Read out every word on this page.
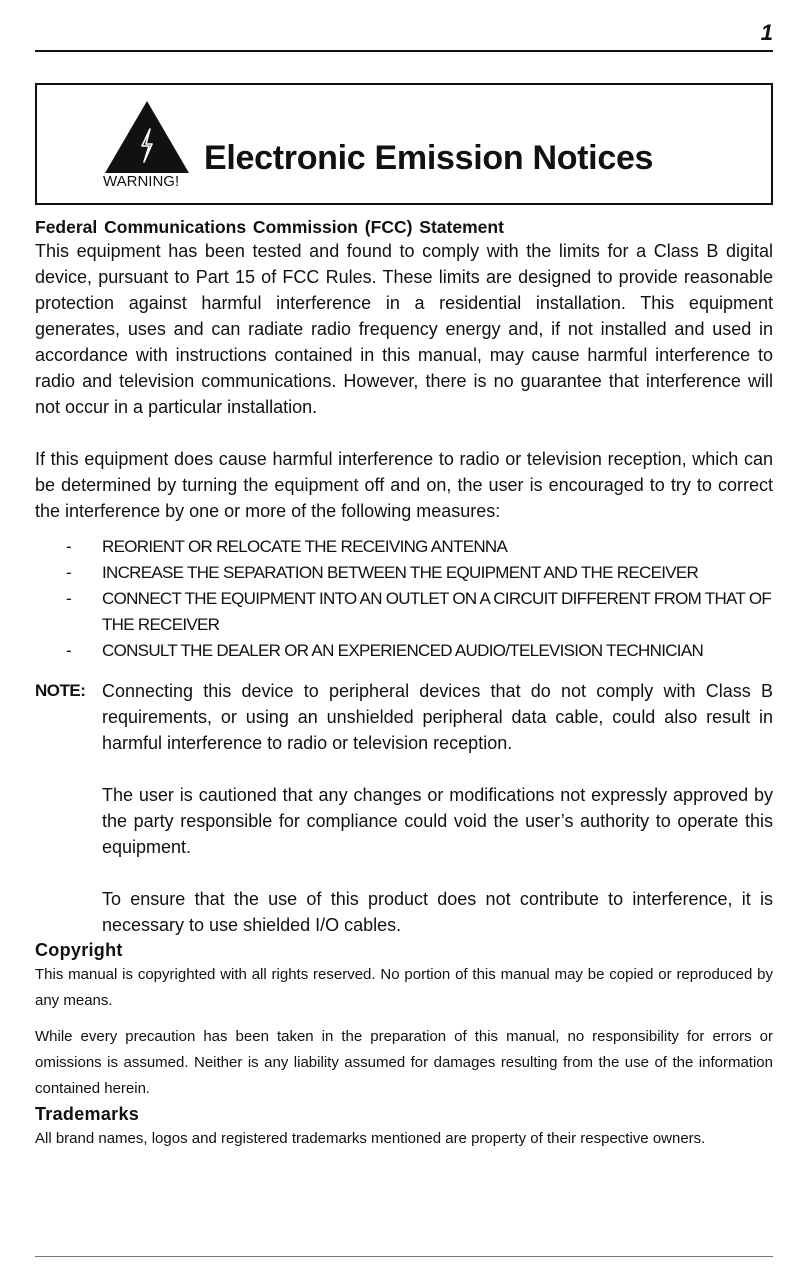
1
WARNING!
Electronic Emission Notices

Federal Communications Commission (FCC) Statement

This equipment has been tested and found to comply with the limits for a Class B digital device, pursuant to Part 15 of FCC Rules. These limits are designed to provide reasonable protection against harmful interference in a residential installation. This equipment generates, uses and can radiate radio frequency energy and, if not installed and used in accordance with instructions contained in this manual, may cause harmful interference to radio and television communications. However, there is no guarantee that interference will not occur in a particular installation.

If this equipment does cause harmful interference to radio or television reception, which can be determined by turning the equipment off and on, the user is encouraged to try to correct the interference by one or more of the following measures:

- REORIENT OR RELOCATE THE RECEIVING ANTENNA
- INCREASE THE SEPARATION BETWEEN THE EQUIPMENT AND THE RECEIVER
- CONNECT THE EQUIPMENT INTO AN OUTLET ON A CIRCUIT DIFFERENT FROM THAT OF THE RECEIVER
- CONSULT THE DEALER OR AN EXPERIENCED AUDIO/TELEVISION TECHNICIAN
NOTE: Connecting this device to peripheral devices that do not comply with Class B requirements, or using an unshielded peripheral data cable, could also result in harmful interference to radio or television reception.

The user is cautioned that any changes or modifications not expressly approved by the party responsible for compliance could void the user’s authority to operate this equipment.

To ensure that the use of this product does not contribute to interference, it is necessary to use shielded I/O cables.

Copyright

This manual is copyrighted with all rights reserved. No portion of this manual may be copied or reproduced by any means.

While every precaution has been taken in the preparation of this manual, no responsibility for errors or omissions is assumed. Neither is any liability assumed for damages resulting from the use of the information contained herein.

Trademarks

All brand names, logos and registered trademarks mentioned are property of their respective owners.
